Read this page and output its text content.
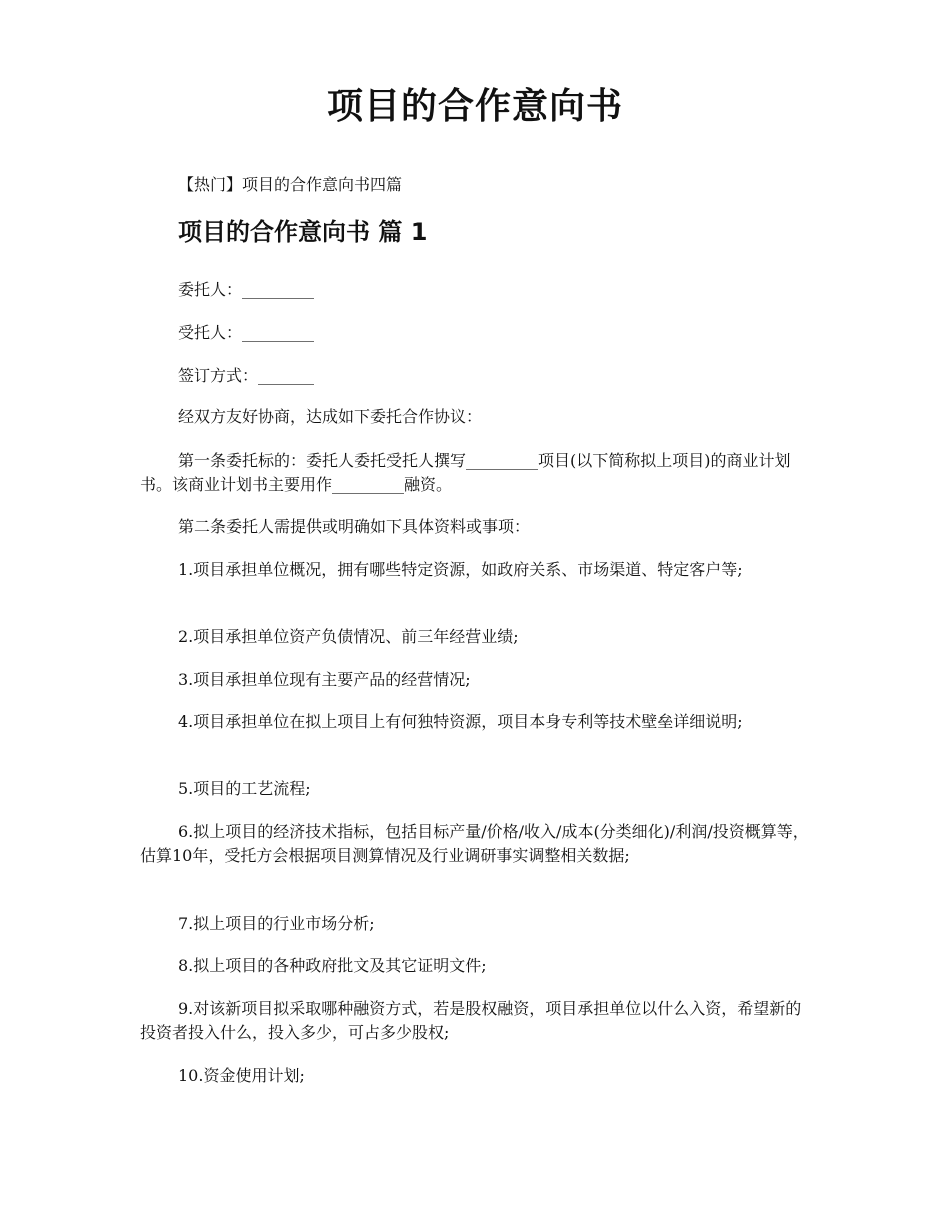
项目的合作意向书
【热门】项目的合作意向书四篇
项目的合作意向书 篇 1

委托人：_________

受托人：_________

签订方式：_______

经双方友好协商，达成如下委托合作协议：

第一条委托标的：委托人委托受托人撰写_________项目(以下简称拟上项目)的商业计划书。该商业计划书主要用作_________融资。

第二条委托人需提供或明确如下具体资料或事项：

1.项目承担单位概况，拥有哪些特定资源，如政府关系、市场渠道、特定客户等;

2.项目承担单位资产负债情况、前三年经营业绩;

3.项目承担单位现有主要产品的经营情况;

4.项目承担单位在拟上项目上有何独特资源，项目本身专利等技术壁垒详细说明;

5.项目的工艺流程;

6.拟上项目的经济技术指标，包括目标产量/价格/收入/成本(分类细化)/利润/投资概算等，估算10年，受托方会根据项目测算情况及行业调研事实调整相关数据;

7.拟上项目的行业市场分析;

8.拟上项目的各种政府批文及其它证明文件;

9.对该新项目拟采取哪种融资方式，若是股权融资，项目承担单位以什么入资，希望新的投资者投入什么，投入多少，可占多少股权;

10.资金使用计划;
